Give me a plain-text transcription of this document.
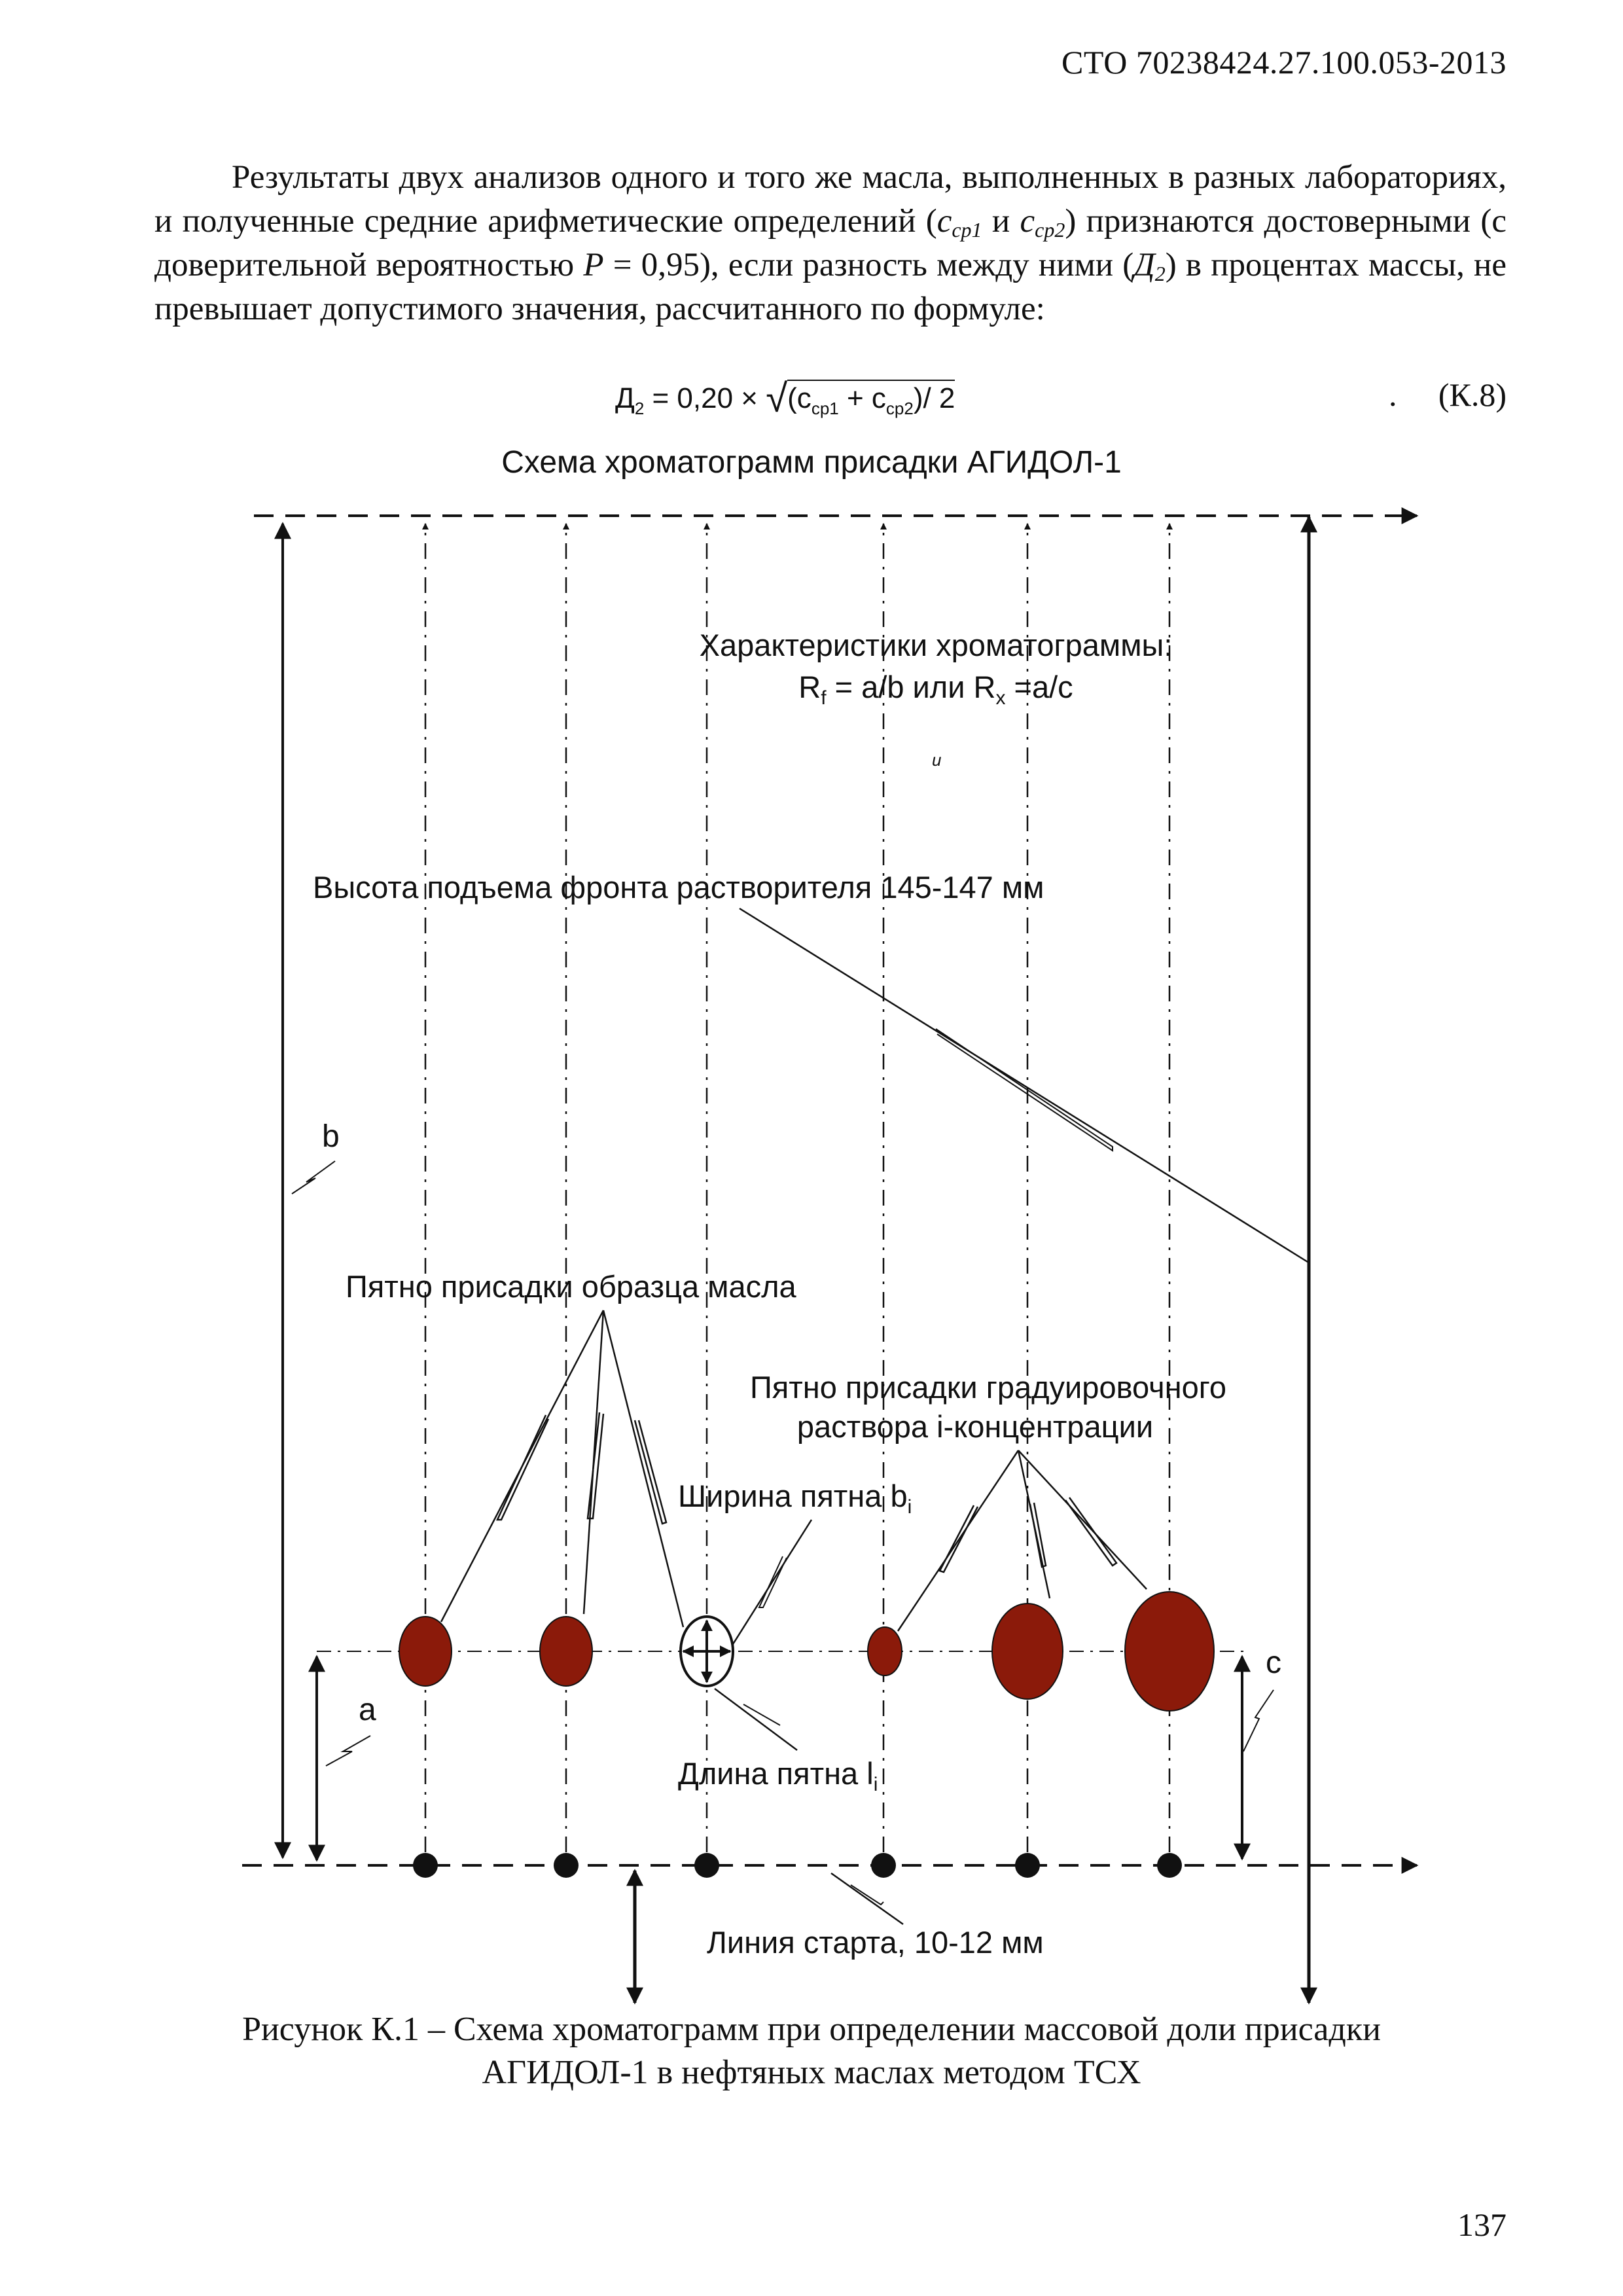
СТО 70238424.27.100.053-2013
Результаты двух анализов одного и того же масла, выполненных в разных лабораториях, и полученные средние арифметические определений ($c_{ср1}$ и $c_{ср2}$) признаются достоверными (с доверительной вероятностью P = 0,95), если разность между ними $(Д_2)$ в процентах массы, не превышает допустимого значения, рассчитанного по формуле:
$Д_2 = 0,20 \times √(c_{ср1} + c_{ср2})/$ 2	. (К.8)
Схема хроматограмм присадки АГИДОЛ-1
b
Характеристики хроматограммы:
$R_f = a/b$ или $R_x =a/c$
и
Высота подъема фронта растворителя 145-147 мм
Пятно присадки образца масла
Пятно присадки градуировочного
раствора i-концентрации
Ширина пятна $b_i$
a
c
Длина пятна $l_i$
Линия старта, 10-12 мм
Рисунок К.1 – Схема хроматограмм при определении массовой доли присадки
АГИДОЛ-1 в нефтяных маслах методом ТСХ
137
